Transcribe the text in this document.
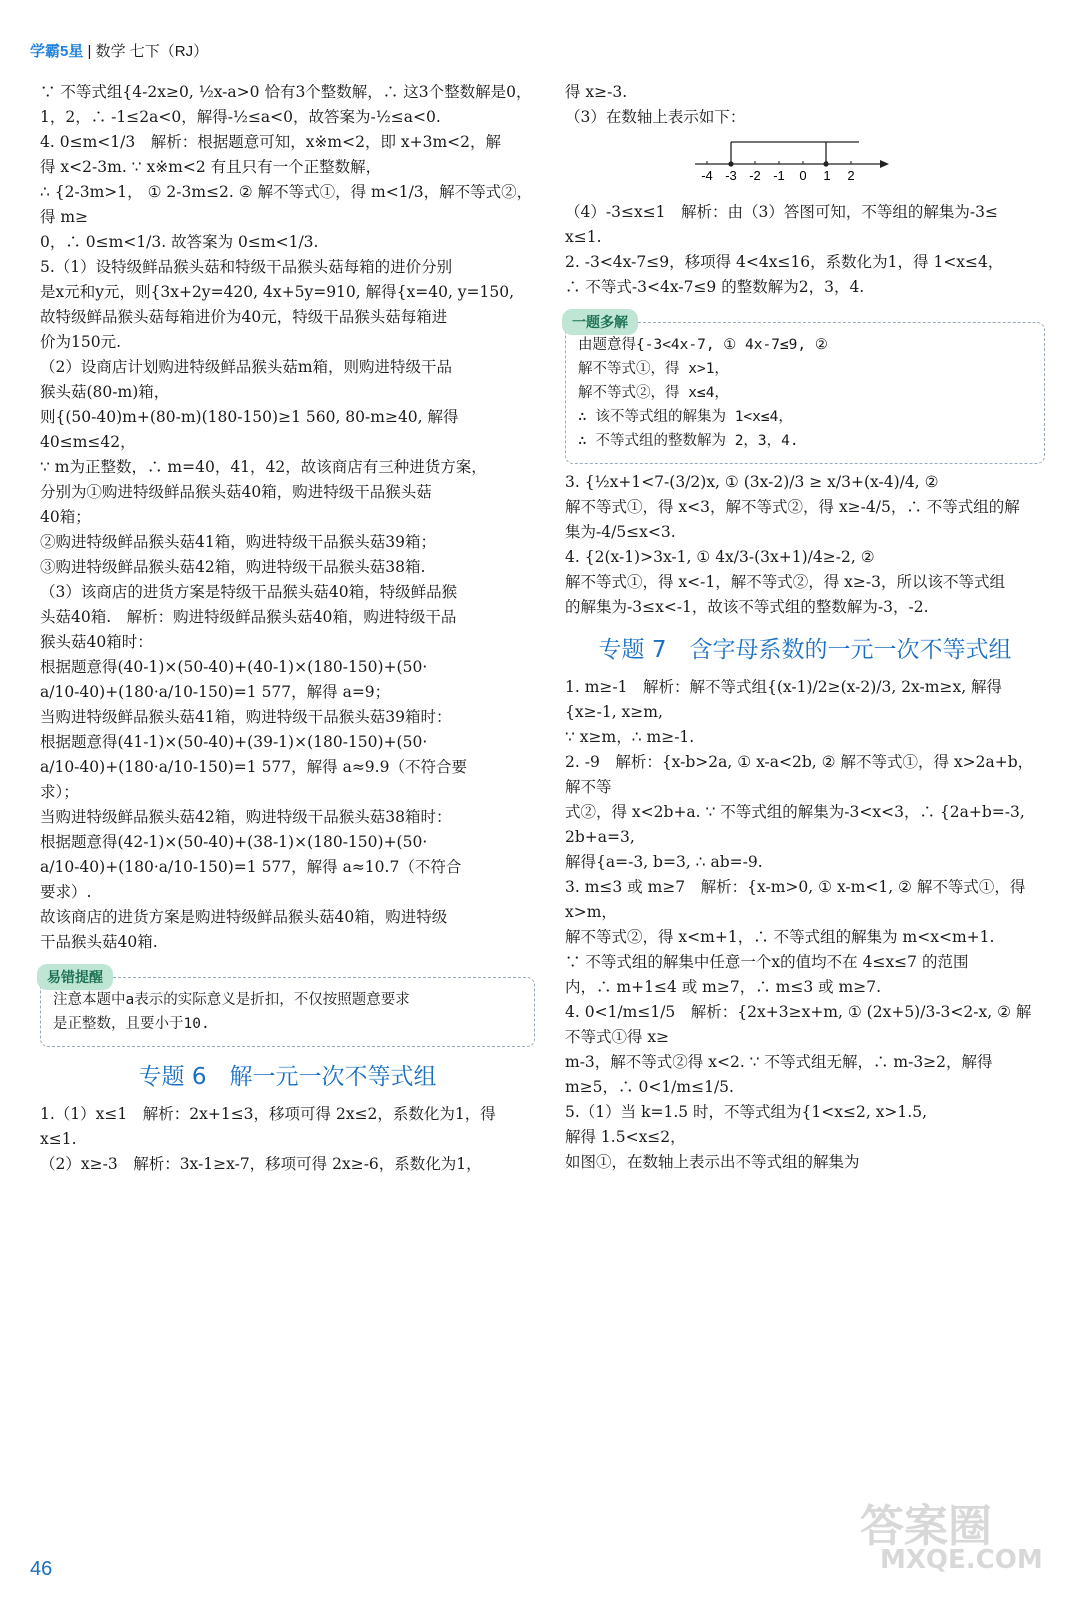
学霸5星 | 数学 七下（RJ）

∵ 不等式组{4-2x≥0, ½x-a>0 恰有3个整数解，∴ 这3个整数解是0，

1，2，∴ -1≤2a<0，解得-½≤a<0，故答案为-½≤a<0.

4. 0≤m<1/3　解析：根据题意可知，x※m<2，即 x+3m<2，解

得 x<2-3m. ∵ x※m<2 有且只有一个正整数解，

∴ {2-3m>1， ① 2-3m≤2. ② 解不等式①，得 m<1/3，解不等式②，得 m≥

0，∴ 0≤m<1/3. 故答案为 0≤m<1/3.

5.（1）设特级鲜品猴头菇和特级干品猴头菇每箱的进价分别

是x元和y元，则{3x+2y=420, 4x+5y=910, 解得{x=40, y=150,

故特级鲜品猴头菇每箱进价为40元，特级干品猴头菇每箱进

价为150元.

（2）设商店计划购进特级鲜品猴头菇m箱，则购进特级干品

猴头菇(80-m)箱，

则{(50-40)m+(80-m)(180-150)≥1 560, 80-m≥40, 解得 40≤m≤42，

∵ m为正整数，∴ m=40，41，42，故该商店有三种进货方案，

分别为①购进特级鲜品猴头菇40箱，购进特级干品猴头菇

40箱；

②购进特级鲜品猴头菇41箱，购进特级干品猴头菇39箱；

③购进特级鲜品猴头菇42箱，购进特级干品猴头菇38箱.

（3）该商店的进货方案是特级干品猴头菇40箱，特级鲜品猴

头菇40箱.　解析：购进特级鲜品猴头菇40箱，购进特级干品

猴头菇40箱时：

根据题意得(40-1)×(50-40)+(40-1)×(180-150)+(50·

a/10-40)+(180·a/10-150)=1 577，解得 a=9；

当购进特级鲜品猴头菇41箱，购进特级干品猴头菇39箱时：

根据题意得(41-1)×(50-40)+(39-1)×(180-150)+(50·

a/10-40)+(180·a/10-150)=1 577，解得 a≈9.9（不符合要

求）；

当购进特级鲜品猴头菇42箱，购进特级干品猴头菇38箱时：

根据题意得(42-1)×(50-40)+(38-1)×(180-150)+(50·

a/10-40)+(180·a/10-150)=1 577，解得 a≈10.7（不符合

要求）.

故该商店的进货方案是购进特级鲜品猴头菇40箱，购进特级

干品猴头菇40箱.

易错提醒

注意本题中a表示的实际意义是折扣，不仅按照题意要求

是正整数，且要小于10.

专题 6　解一元一次不等式组

1.（1）x≤1　解析：2x+1≤3，移项可得 2x≤2，系数化为1，得

x≤1.

（2）x≥-3　解析：3x-1≥x-7，移项可得 2x≥-6，系数化为1，

得 x≥-3.

（3）在数轴上表示如下：

-4 -3 -2 -1 0 1 2

（4）-3≤x≤1　解析：由（3）答图可知，不等组的解集为-3≤

x≤1.

2. -3<4x-7≤9，移项得 4<4x≤16，系数化为1，得 1<x≤4，

∴ 不等式-3<4x-7≤9 的整数解为2，3，4.

一题多解

由题意得{-3<4x-7, ① 4x-7≤9, ②

解不等式①，得 x>1，

解不等式②，得 x≤4，

∴ 该不等式组的解集为 1<x≤4，

∴ 不等式组的整数解为 2，3，4.

3. {½x+1<7-(3/2)x, ① (3x-2)/3 ≥ x/3+(x-4)/4, ②

解不等式①，得 x<3，解不等式②，得 x≥-4/5，∴ 不等式组的解

集为-4/5≤x<3.

4. {2(x-1)>3x-1, ① 4x/3-(3x+1)/4≥-2, ②

解不等式①，得 x<-1，解不等式②，得 x≥-3，所以该不等式组

的解集为-3≤x<-1，故该不等式组的整数解为-3，-2.

专题 7　含字母系数的一元一次不等式组

1. m≥-1　解析：解不等式组{(x-1)/2≥(x-2)/3, 2x-m≥x, 解得{x≥-1, x≥m,

∵ x≥m，∴ m≥-1.

2. -9　解析：{x-b>2a, ① x-a<2b, ② 解不等式①，得 x>2a+b，解不等

式②，得 x<2b+a. ∵ 不等式组的解集为-3<x<3，∴ {2a+b=-3, 2b+a=3,

解得{a=-3, b=3, ∴ ab=-9.

3. m≤3 或 m≥7　解析：{x-m>0, ① x-m<1, ② 解不等式①，得 x>m，

解不等式②，得 x<m+1，∴ 不等式组的解集为 m<x<m+1.

∵ 不等式组的解集中任意一个x的值均不在 4≤x≤7 的范围

内，∴ m+1≤4 或 m≥7，∴ m≤3 或 m≥7.

4. 0<1/m≤1/5　解析：{2x+3≥x+m, ① (2x+5)/3-3<2-x, ② 解不等式①得 x≥

m-3，解不等式②得 x<2. ∵ 不等式组无解，∴ m-3≥2，解得

m≥5，∴ 0<1/m≤1/5.

5.（1）当 k=1.5 时，不等式组为{1<x≤2, x>1.5,

解得 1.5<x≤2，

如图①，在数轴上表示出不等式组的解集为

46
答案圈
MXQE.COM
